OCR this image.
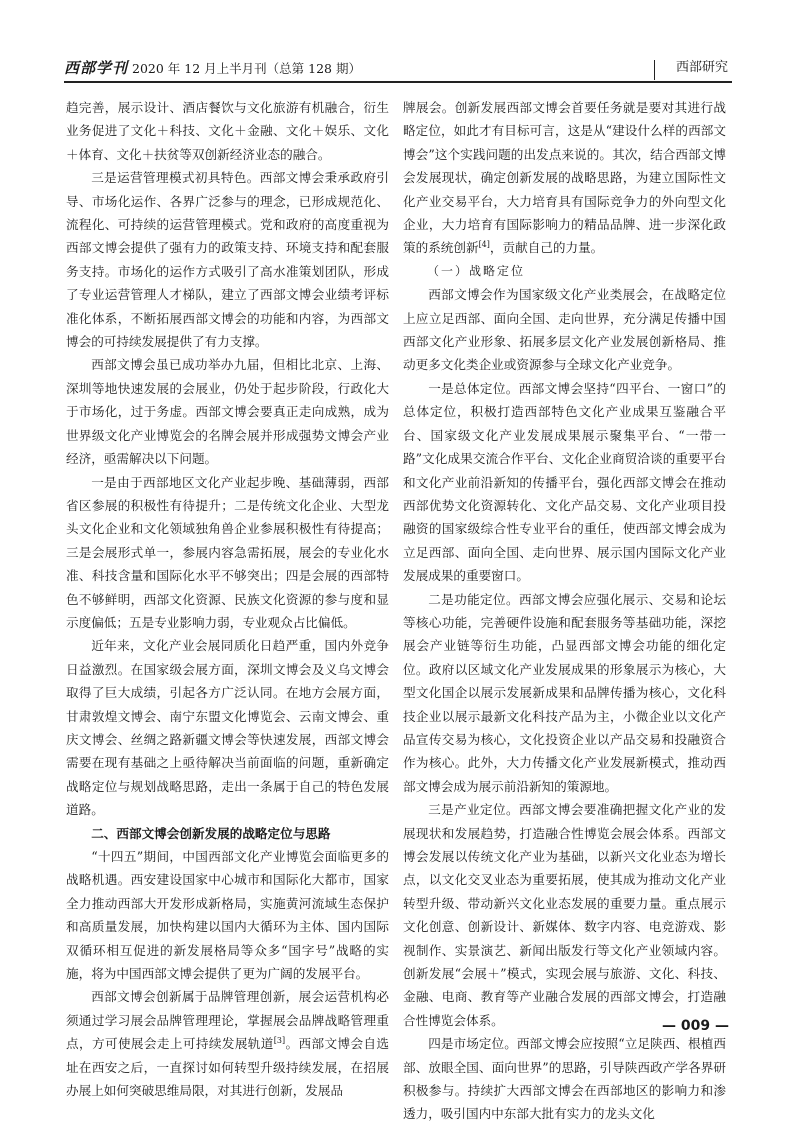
西部学刊 2020 年 12 月上半月刊（总第 128 期）	西部研究

趋完善，展示设计、酒店餐饮与文化旅游有机融合，衍生业务促进了文化＋科技、文化＋金融、文化＋娱乐、文化＋体育、文化＋扶贫等双创新经济业态的融合。

三是运营管理模式初具特色。西部文博会秉承政府引导、市场化运作、各界广泛参与的理念，已形成规范化、流程化、可持续的运营管理模式。党和政府的高度重视为西部文博会提供了强有力的政策支持、环境支持和配套服务支持。市场化的运作方式吸引了高水准策划团队，形成了专业运营管理人才梯队，建立了西部文博会业绩考评标准化体系，不断拓展西部文博会的功能和内容，为西部文博会的可持续发展提供了有力支撑。

西部文博会虽已成功举办九届，但相比北京、上海、深圳等地快速发展的会展业，仍处于起步阶段，行政化大于市场化，过于务虚。西部文博会要真正走向成熟，成为世界级文化产业博览会的名牌会展并形成强势文博会产业经济，亟需解决以下问题。

一是由于西部地区文化产业起步晚、基础薄弱，西部省区参展的积极性有待提升；二是传统文化企业、大型龙头文化企业和文化领域独角兽企业参展积极性有待提高；三是会展形式单一，参展内容急需拓展，展会的专业化水准、科技含量和国际化水平不够突出；四是会展的西部特色不够鲜明，西部文化资源、民族文化资源的参与度和显示度偏低；五是专业影响力弱，专业观众占比偏低。

近年来，文化产业会展同质化日趋严重，国内外竞争日益激烈。在国家级会展方面，深圳文博会及义乌文博会取得了巨大成绩，引起各方广泛认同。在地方会展方面，甘肃敦煌文博会、南宁东盟文化博览会、云南文博会、重庆文博会、丝绸之路新疆文博会等快速发展，西部文博会需要在现有基础之上亟待解决当前面临的问题，重新确定战略定位与规划战略思路，走出一条属于自己的特色发展道路。

二、西部文博会创新发展的战略定位与思路

“十四五”期间，中国西部文化产业博览会面临更多的战略机遇。西安建设国家中心城市和国际化大都市，国家全力推动西部大开发形成新格局，实施黄河流域生态保护和高质量发展，加快构建以国内大循环为主体、国内国际双循环相互促进的新发展格局等众多“国字号”战略的实施，将为中国西部文博会提供了更为广阔的发展平台。

西部文博会创新属于品牌管理创新，展会运营机构必须通过学习展会品牌管理理论，掌握展会品牌战略管理重点，方可使展会走上可持续发展轨道[3]。西部文博会自选址在西安之后，一直探讨如何转型升级持续发展，在招展办展上如何突破思维局限，对其进行创新，发展品

牌展会。创新发展西部文博会首要任务就是要对其进行战略定位，如此才有目标可言，这是从“建设什么样的西部文博会”这个实践问题的出发点来说的。其次，结合西部文博会发展现状，确定创新发展的战略思路，为建立国际性文化产业交易平台，大力培育具有国际竞争力的外向型文化企业，大力培育有国际影响力的精品品牌、进一步深化政策的系统创新[4]，贡献自己的力量。

（一）战略定位

西部文博会作为国家级文化产业类展会，在战略定位上应立足西部、面向全国、走向世界，充分满足传播中国西部文化产业形象、拓展多层文化产业发展创新格局、推动更多文化类企业或资源参与全球文化产业竞争。

一是总体定位。西部文博会坚持“四平台、一窗口”的总体定位，积极打造西部特色文化产业成果互鉴融合平台、国家级文化产业发展成果展示聚集平台、“一带一路”文化成果交流合作平台、文化企业商贸洽谈的重要平台和文化产业前沿新知的传播平台，强化西部文博会在推动西部优势文化资源转化、文化产品交易、文化产业项目投融资的国家级综合性专业平台的重任，使西部文博会成为立足西部、面向全国、走向世界、展示国内国际文化产业发展成果的重要窗口。

二是功能定位。西部文博会应强化展示、交易和论坛等核心功能，完善硬件设施和配套服务等基础功能，深挖展会产业链等衍生功能，凸显西部文博会功能的细化定位。政府以区域文化产业发展成果的形象展示为核心，大型文化国企以展示发展新成果和品牌传播为核心，文化科技企业以展示最新文化科技产品为主，小微企业以文化产品宣传交易为核心，文化投资企业以产品交易和投融资合作为核心。此外，大力传播文化产业发展新模式，推动西部文博会成为展示前沿新知的策源地。

三是产业定位。西部文博会要准确把握文化产业的发展现状和发展趋势，打造融合性博览会展会体系。西部文博会发展以传统文化产业为基础，以新兴文化业态为增长点，以文化交叉业态为重要拓展，使其成为推动文化产业转型升级、带动新兴文化业态发展的重要力量。重点展示文化创意、创新设计、新媒体、数字内容、电竞游戏、影视制作、实景演艺、新闻出版发行等文化产业领域内容。创新发展“会展＋”模式，实现会展与旅游、文化、科技、金融、电商、教育等产业融合发展的西部文博会，打造融合性博览会体系。

四是市场定位。西部文博会应按照“立足陕西、根植西部、放眼全国、面向世界”的思路，引导陕西政产学各界研积极参与。持续扩大西部文博会在西部地区的影响力和渗透力，吸引国内中东部大批有实力的龙头文化

— 009 —
